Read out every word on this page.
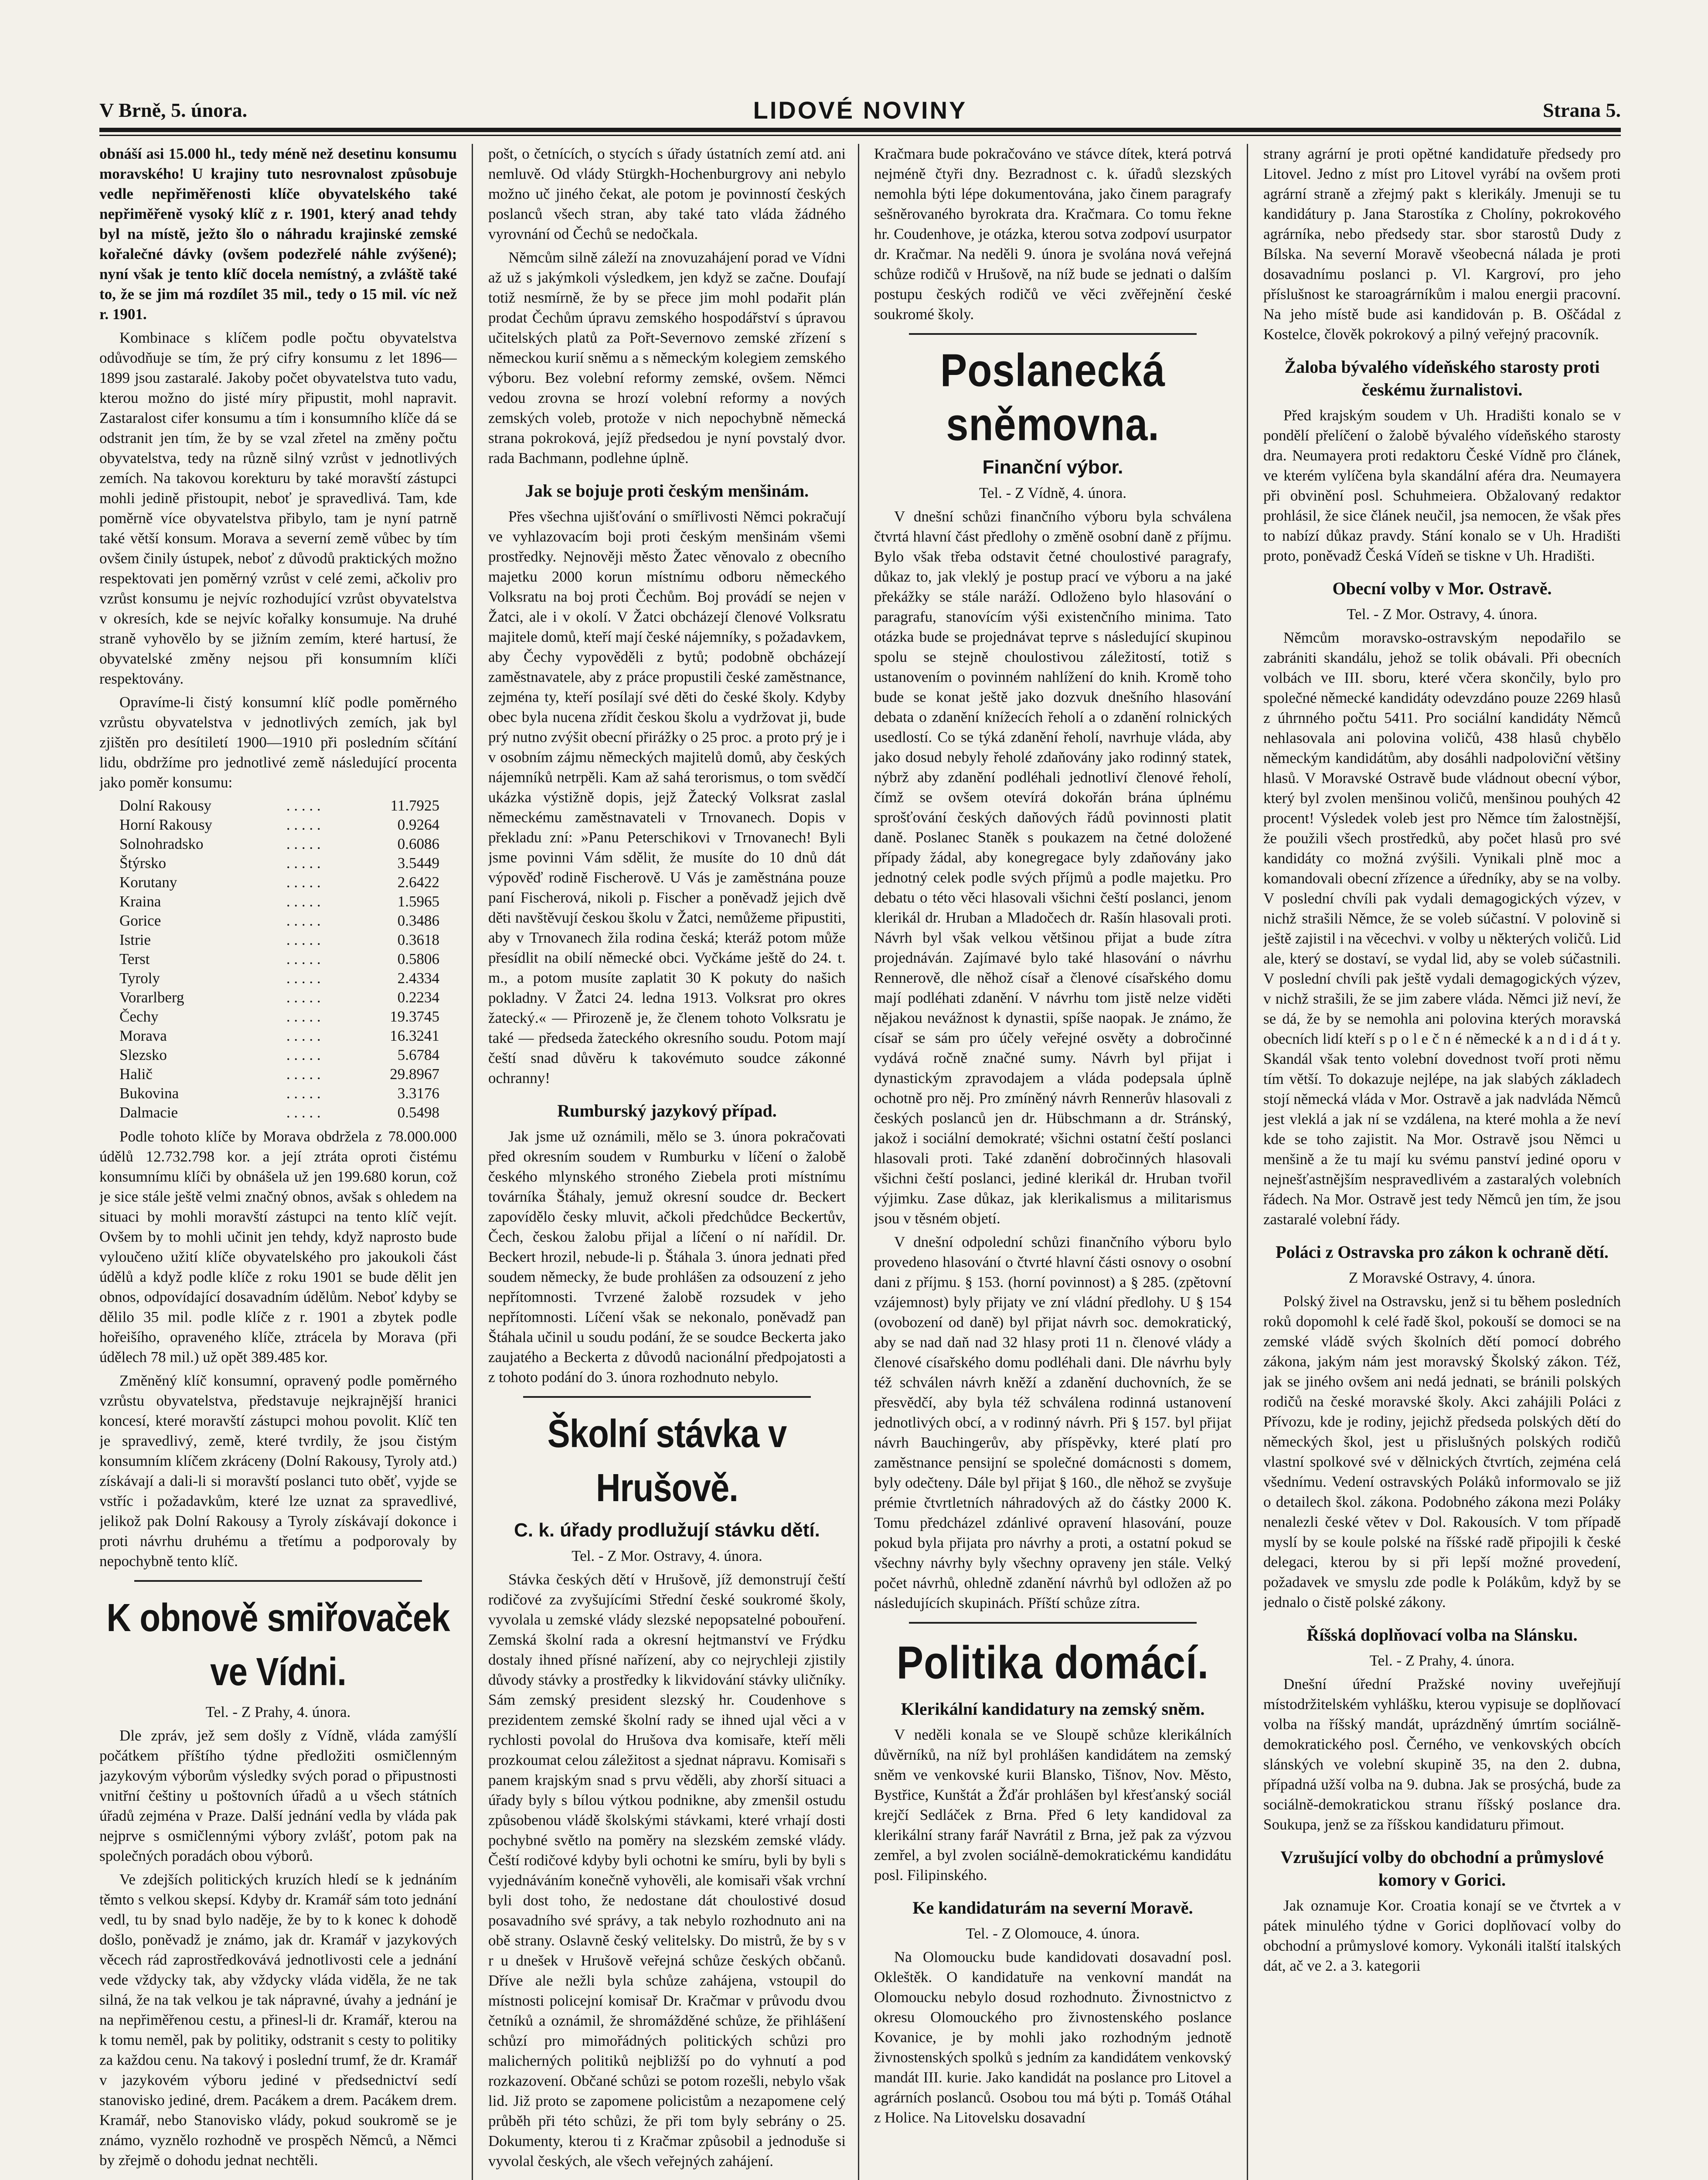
V Brně, 5. února.	LIDOVÉ NOVINY	Strana 5.

obnáší asi 15.000 hl., tedy méně než desetinu konsumu moravského! U krajiny tuto nesrovnalost způsobuje vedle nepřiměřenosti klíče obyvatelského také nepřiměřeně vysoký klíč z r. 1901, který anad tehdy byl na místě, ježto šlo o náhradu krajinské zemské kořalečné dávky (ovšem podezřelé náhle zvýšené); nyní však je tento klíč docela nemístný, a zvláště také to, že se jim má rozdílet 35 mil., tedy o 15 mil. víc než r. 1901.

Kombinace s klíčem podle počtu obyvatelstva odůvodňuje se tím, že prý cifry konsumu z let 1896—1899 jsou zastaralé. Jakoby počet obyvatelstva tuto vadu, kterou možno do jisté míry připustit, mohl napravit. Zastaralost cifer konsumu a tím i konsumního klíče dá se odstranit jen tím, že by se vzal zřetel na změny počtu obyvatelstva, tedy na různě silný vzrůst v jednotlivých zemích. Na takovou korekturu by také moravští zástupci mohli jedině přistoupit, neboť je spravedlivá. Tam, kde poměrně více obyvatelstva přibylo, tam je nyní patrně také větší konsum. Morava a severní země vůbec by tím ovšem činily ústupek, neboť z důvodů praktických možno respektovati jen poměrný vzrůst v celé zemi, ačkoliv pro vzrůst konsumu je nejvíc rozhodující vzrůst obyvatelstva v okresích, kde se nejvíc kořalky konsumuje. Na druhé straně vyhovělo by se jižním zemím, které hartusí, že obyvatelské změny nejsou při konsumním klíči respektovány.

Opravíme-li čistý konsumní klíč podle poměrného vzrůstu obyvatelstva v jednotlivých zemích, jak byl zjištěn pro desítiletí 1900—1910 při posledním sčítání lidu, obdržíme pro jednotlivé země následující procenta jako poměr konsumu:

Dolní Rakousy	. . . . .	11.7925
Horní Rakousy	. . . . .	0.9264
Solnohradsko	. . . . .	0.6086
Štýrsko	. . . . .	3.5449
Korutany	. . . . .	2.6422
Kraina	. . . . .	1.5965
Gorice	. . . . .	0.3486
Istrie	. . . . .	0.3618
Terst	. . . . .	0.5806
Tyroly	. . . . .	2.4334
Vorarlberg	. . . . .	0.2234
Čechy	. . . . .	19.3745
Morava	. . . . .	16.3241
Slezsko	. . . . .	5.6784
Halič	. . . . .	29.8967
Bukovina	. . . . .	3.3176
Dalmacie	. . . . .	0.5498

Podle tohoto klíče by Morava obdržela z 78.000.000 údělů 12.732.798 kor. a její ztráta oproti čistému konsumnímu klíči by obnášela už jen 199.680 korun, což je sice stále ještě velmi značný obnos, avšak s ohledem na situaci by mohli moravští zástupci na tento klíč vejít. Ovšem by to mohli učinit jen tehdy, když naprosto bude vyloučeno užití klíče obyvatelského pro jakoukoli část údělů a když podle klíče z roku 1901 se bude dělit jen obnos, odpovídající dosavadním údělům. Neboť kdyby se dělilo 35 mil. podle klíče z r. 1901 a zbytek podle hořeišího, opraveného klíče, ztrácela by Morava (při údělech 78 mil.) už opět 389.485 kor.

Změněný klíč konsumní, opravený podle poměrného vzrůstu obyvatelstva, představuje nejkrajnější hranici koncesí, které moravští zástupci mohou povolit. Klíč ten je spravedlivý, země, které tvrdily, že jsou čistým konsumním klíčem zkráceny (Dolní Rakousy, Tyroly atd.) získávají a dali-li si moravští poslanci tuto oběť, vyjde se vstříc i požadavkům, které lze uznat za spravedlivé, jelikož pak Dolní Rakousy a Tyroly získávají dokonce i proti návrhu druhému a třetímu a podporovaly by nepochybně tento klíč.

K obnově smiřovaček ve Vídni.
Tel. - Z Prahy, 4. února.

Dle zpráv, jež sem došly z Vídně, vláda zamýšlí počátkem příštího týdne předložiti osmičlenným jazykovým výborům výsledky svých porad o připustnosti vnitřní češtiny u poštovních úřadů a u všech státních úřadů zejména v Praze. Další jednání vedla by vláda pak nejprve s osmičlennými výbory zvlášť, potom pak na společných poradách obou výborů.

Ve zdejších politických kruzích hledí se k jednáním těmto s velkou skepsí. Kdyby dr. Kramář sám toto jednání vedl, tu by snad bylo naděje, že by to k konec k dohodě došlo, poněvadž je známo, jak dr. Kramář v jazykových věcech rád zaprostředkovává jednotlivosti cele a jednání vede vždycky tak, aby vždycky vláda viděla, že ne tak silná, že na tak velkou je tak nápravné, úvahy a jednání je na nepřiměřenou cestu, a přinesl-li dr. Kramář, kterou na k tomu neměl, pak by politiky, odstranit s cesty to politiky za každou cenu. Na takový i poslední trumf, že dr. Kramář v jazykovém výboru jediné v předsednictví sedí stanovisko jediné, drem. Pacákem a drem. Pacákem drem. Kramář, nebo Stanovisko vlády, pokud soukromě se je známo, vyznělo rozhodně ve prospěch Němců, a Němci by zřejmě o dohodu jednat nechtěli.

pošt, o četnících, o stycích s úřady ústatních zemí atd. ani nemluvě. Od vlády Stürgkh-Hochenburgrovy ani nebylo možno uč jiného čekat, ale potom je povinností českých poslanců všech stran, aby také tato vláda žádného vyrovnání od Čechů se nedočkala.

Němcům silně záleží na znovuzahájení porad ve Vídni až už s jakýmkoli výsledkem, jen když se začne. Doufají totiž nesmírně, že by se přece jim mohl podařit plán prodat Čechům úpravu zemského hospodářství s úpravou učitelských platů za Pořt-Severnovo zemské zřízení s německou kurií sněmu a s německým kolegiem zemského výboru. Bez volební reformy zemské, ovšem. Němci vedou zrovna se hrozí volební reformy a nových zemských voleb, protože v nich nepochybně německá strana pokroková, jejíž předsedou je nyní povstalý dvor. rada Bachmann, podlehne úplně.

Jak se bojuje proti českým menšinám.

Přes všechna ujišťování o smířlivosti Němci pokračují ve vyhlazovacím boji proti českým menšinám všemi prostředky. Nejnověji město Žatec věnovalo z obecního majetku 2000 korun místnímu odboru německého Volksratu na boj proti Čechům. Boj provádí se nejen v Žatci, ale i v okolí. V Žatci obcházejí členové Volksratu majitele domů, kteří mají české nájemníky, s požadavkem, aby Čechy vypověděli z bytů; podobně obcházejí zaměstnavatele, aby z práce propustili české zaměstnance, zejména ty, kteří posílají své děti do české školy. Kdyby obec byla nucena zřídit českou školu a vydržovat ji, bude prý nutno zvýšit obecní přirážky o 25 proc. a proto prý je i v osobním zájmu německých majitelů domů, aby českých nájemníků netrpěli. Kam až sahá terorismus, o tom svědčí ukázka výstižně dopis, jejž Žatecký Volksrat zaslal německému zaměstnavateli v Trnovanech. Dopis v překladu zní: »Panu Peterschikovi v Trnovanech! Byli jsme povinni Vám sdělit, že musíte do 10 dnů dát výpověď rodině Fischerově. U Vás je zaměstnána pouze paní Fischerová, nikoli p. Fischer a poněvadž jejich dvě děti navštěvují českou školu v Žatci, nemůžeme připustiti, aby v Trnovanech žila rodina česká; kteráž potom může přesídlit na obilí německé obci. Vyčkáme ještě do 24. t. m., a potom musíte zaplatit 30 K pokuty do našich pokladny. V Žatci 24. ledna 1913. Volksrat pro okres žatecký.« — Přirozeně je, že členem tohoto Volksratu je také — předseda žateckého okresního soudu. Potom mají čeští snad důvěru k takovémuto soudce zákonné ochranny!

Rumburský jazykový případ.

Jak jsme už oznámili, mělo se 3. února pokračovati před okresním soudem v Rumburku v líčení o žalobě českého mlynského stroného Ziebela proti místnímu továrníka Štáhaly, jemuž okresní soudce dr. Beckert zapovídělo česky mluvit, ačkoli předchůdce Beckertův, Čech, českou žalobu přijal a líčení o ní nařídil. Dr. Beckert hrozil, nebude-li p. Štáhala 3. února jednati před soudem německy, že bude prohlášen za odsouzení z jeho nepřítomnosti. Tvrzené žalobě rozsudek v jeho nepřítomnosti. Líčení však se nekonalo, poněvadž pan Štáhala učinil u soudu podání, že se soudce Beckerta jako zaujatého a Beckerta z důvodů nacionální předpojatosti a z tohoto podání do 3. února rozhodnuto nebylo.

Školní stávka v Hrušově.
C. k. úřady prodlužují stávku dětí.
Tel. - Z Mor. Ostravy, 4. února.

Stávka českých dětí v Hrušově, jíž demonstrují čeští rodičové za zvyšujícími Střední české soukromé školy, vyvolala u zemské vlády slezské nepopsatelné pobouření. Zemská školní rada a okresní hejtmanství ve Frýdku dostaly ihned přísné nařízení, aby co nejrychleji zjistily důvody stávky a prostředky k likvidování stávky uličníky. Sám zemský president slezský hr. Coudenhove s prezidentem zemské školní rady se ihned ujal věci a v rychlosti povolal do Hrušova dva komisaře, kteří měli prozkoumat celou záležitost a sjednat nápravu. Komisaři s panem krajským snad s prvu věděli, aby zhorší situaci a úřady byly s bílou výtkou podnikne, aby zmenšil ostudu způsobenou vládě školskými stávkami, které vrhají dosti pochybné světlo na poměry na slezském zemské vlády. Čeští rodičové kdyby byli ochotni ke smíru, byli by byli s vyjednáváním konečně vyhověli, ale komisaři však vrchní byli dost toho, že nedostane dát choulostivé dosud posavadního své správy, a tak nebylo rozhodnuto ani na obě strany. Oslavně český velitelsky. Do mistrů, že by s v r u dnešek v Hrušově veřejná schůze českých občanů. Dříve ale nežli byla schůze zahájena, vstoupil do místnosti policejní komisař Dr. Kračmar v průvodu dvou četníků a oznámil, že shromážděné schůze, že přihlášení schůzí pro mimořádných politických schůzi pro malicherných politiků nejbližší po do vyhnutí a pod rozkazovení. Občané schůzi se potom rozešli, nebylo však lid. Již proto se zapomene policistům a nezapomene celý průběh při této schůzi, že při tom byly sebrány o 25. Dokumenty, kterou ti z Kračmar způsobil a jednoduše si vyvolal českých, ale všech veřejných zahájení.

Kračmara bude pokračováno ve stávce dítek, která potrvá nejméně čtyři dny. Bezradnost c. k. úřadů slezských nemohla býti lépe dokumentována, jako činem paragrafy sešněrovaného byrokrata dra. Kračmara. Co tomu řekne hr. Coudenhove, je otázka, kterou sotva zodpoví usurpator dr. Kračmar. Na neděli 9. února je svolána nová veřejná schůze rodičů v Hrušově, na níž bude se jednati o dalším postupu českých rodičů ve věci zvěřejnění české soukromé školy.

Poslanecká sněmovna.
Finanční výbor.
Tel. - Z Vídně, 4. února.

V dnešní schůzi finančního výboru byla schválena čtvrtá hlavní část předlohy o změně osobní daně z příjmu. Bylo však třeba odstavit četné choulostivé paragrafy, důkaz to, jak vleklý je postup prací ve výboru a na jaké překážky se stále naráží. Odloženo bylo hlasování o paragrafu, stanovícím výši existenčního minima. Tato otázka bude se projednávat teprve s následující skupinou spolu se stejně choulostivou záležitostí, totiž s ustanovením o povinném nahlížení do knih. Kromě toho bude se konat ještě jako dozvuk dnešního hlasování debata o zdanění knížecích řeholí a o zdanění rolnických usedlostí. Co se týká zdanění řeholí, navrhuje vláda, aby jako dosud nebyly řeholé zdaňovány jako rodinný statek, nýbrž aby zdanění podléhali jednotliví členové řeholí, čímž se ovšem otevírá dokořán brána úplnému sprošťování českých daňových řádů povinnosti platit daně. Poslanec Staněk s poukazem na četné doložené případy žádal, aby konegregace byly zdaňovány jako jednotný celek podle svých příjmů a podle majetku. Pro debatu o této věci hlasovali všichni čeští poslanci, jenom klerikál dr. Hruban a Mladočech dr. Rašín hlasovali proti. Návrh byl však velkou většinou přijat a bude zítra projednáván. Zajímavé bylo také hlasování o návrhu Rennerově, dle něhož císař a členové císařského domu mají podléhati zdanění. V návrhu tom jistě nelze viděti nějakou nevážnost k dynastii, spíše naopak. Je známo, že císař se sám pro účely veřejné osvěty a dobročinné vydává ročně značné sumy. Návrh byl přijat i dynastickým zpravodajem a vláda podepsala úplně ochotně pro něj. Pro zmíněný návrh Rennerův hlasovali z českých poslanců jen dr. Hübschmann a dr. Stránský, jakož i sociální demokraté; všichni ostatní čeští poslanci hlasovali proti. Také zdanění dobročinných hlasovali všichni čeští poslanci, jediné klerikál dr. Hruban tvořil výjimku. Zase důkaz, jak klerikalismus a militarismus jsou v těsném objetí.

V dnešní odpolední schůzi finančního výboru bylo provedeno hlasování o čtvrté hlavní části osnovy o osobní dani z příjmu. § 153. (horní povinnost) a § 285. (zpětovní vzájemnost) byly přijaty ve zní vládní předlohy. U § 154 (ovobození od daně) byl přijat návrh soc. demokratický, aby se nad daň nad 32 hlasy proti 11 n. členové vlády a členové císařského domu podléhali dani. Dle návrhu byly též schválen návrh kněží a zdanění duchovních, že se přesvědčí, aby byla též schválena rodinná ustanovení jednotlivých obcí, a v rodinný návrh. Při § 157. byl přijat návrh Bauchingerův, aby příspěvky, které platí pro zaměstnance pensijní se společné domácnosti s domem, byly odečteny. Dále byl přijat § 160., dle něhož se zvyšuje prémie čtvrtletních náhradových až do částky 2000 K. Tomu předcházel zdánlivé opravení hlasování, pouze pokud byla přijata pro návrhy a proti, a ostatní pokud se všechny návrhy byly všechny opraveny jen stále. Velký počet návrhů, ohledně zdanění návrhů byl odložen až po následujících skupinách. Příští schůze zítra.

Politika domácí.
Klerikální kandidatury na zemský sněm.

V neděli konala se ve Sloupě schůze klerikálních důvěrníků, na níž byl prohlášen kandidátem na zemský sněm ve venkovské kurii Blansko, Tišnov, Nov. Město, Bystřice, Kunštát a Žďár prohlášen byl křesťanský sociál krejčí Sedláček z Brna. Před 6 lety kandidoval za klerikální strany farář Navrátil z Brna, jež pak za výzvou zemřel, a byl zvolen sociálně-demokratickému kandidátu posl. Filipinského.

Ke kandidaturám na severní Moravě.
Tel. - Z Olomouce, 4. února.

Na Olomoucku bude kandidovati dosavadní posl. Okleštěk. O kandidatuře na venkovní mandát na Olomoucku nebylo dosud rozhodnuto. Živnostnictvo z okresu Olomouckého pro živnostenského poslance Kovanice, je by mohli jako rozhodným jednotě živnostenských spolků s jedním za kandidátem venkovský mandát III. kurie. Jako kandidát na poslance pro Litovel a agrárních poslanců. Osobou tou má býti p. Tomáš Otáhal z Holice. Na Litovelsku dosavadní

strany agrární je proti opětné kandidatuře předsedy pro Litovel. Jedno z míst pro Litovel vyrábí na ovšem proti agrární straně a zřejmý pakt s klerikály. Jmenuji se tu kandidátury p. Jana Starostíka z Cholíny, pokrokového agrárníka, nebo předsedy star. sbor starostů Dudy z Bílska. Na severní Moravě všeobecná nálada je proti dosavadnímu poslanci p. Vl. Kargroví, pro jeho příslušnost ke staroagrárníkům i malou energii pracovní. Na jeho místě bude asi kandidován p. B. Oščádal z Kostelce, člověk pokrokový a pilný veřejný pracovník.

Žaloba bývalého vídeňského starosty proti českému žurnalistovi.

Před krajským soudem v Uh. Hradišti konalo se v pondělí přelíčení o žalobě bývalého vídeňského starosty dra. Neumayera proti redaktoru České Vídně pro článek, ve kterém vylíčena byla skandální aféra dra. Neumayera při obvinění posl. Schuhmeiera. Obžalovaný redaktor prohlásil, že sice článek neučil, jsa nemocen, že však přes to nabízí důkaz pravdy. Stání konalo se v Uh. Hradišti proto, poněvadž Česká Vídeň se tiskne v Uh. Hradišti.

Obecní volby v Mor. Ostravě.
Tel. - Z Mor. Ostravy, 4. února.

Němcům moravsko-ostravským nepodařilo se zabrániti skandálu, jehož se tolik obávali. Při obecních volbách ve III. sboru, které včera skončily, bylo pro společné německé kandidáty odevzdáno pouze 2269 hlasů z úhrnného počtu 5411. Pro sociální kandidáty Němců nehlasovala ani polovina voličů, 438 hlasů chybělo německým kandidátům, aby dosáhli nadpoloviční většiny hlasů. V Moravské Ostravě bude vládnout obecní výbor, který byl zvolen menšinou voličů, menšinou pouhých 42 procent! Výsledek voleb jest pro Němce tím žalostnější, že použili všech prostředků, aby počet hlasů pro své kandidáty co možná zvýšili. Vynikali plně moc a komandovali obecní zřízence a úředníky, aby se na volby. V poslední chvíli pak vydali demagogických výzev, v nichž strašili Němce, že se voleb súčastní. V polovině si ještě zajistil i na věcechvi. v volby u některých voličů. Lid ale, který se dostaví, se vydal lid, aby se voleb súčastnili. V poslední chvíli pak ještě vydali demagogických výzev, v nichž strašili, že se jim zabere vláda. Němci již neví, že se dá, že by se nemohla ani polovina kterých moravská obecních lidí kteří s p o l e č n é německé k a n d i d á t y. Skandál však tento volební dovednost tvoří proti němu tím větší. To dokazuje nejlépe, na jak slabých základech stojí německá vláda v Mor. Ostravě a jak nadvláda Němců jest vleklá a jak ní se vzdálena, na které mohla a že neví kde se toho zajistit. Na Mor. Ostravě jsou Němci u menšině a že tu mají ku svému panství jediné oporu v nejnešťastnějším nespravedlivém a zastaralých volebních řádech. Na Mor. Ostravě jest tedy Němců jen tím, že jsou zastaralé volební řády.

Poláci z Ostravska pro zákon k ochraně dětí.
Z Moravské Ostravy, 4. února.

Polský živel na Ostravsku, jenž si tu během posledních roků dopomohl k celé řadě škol, pokouší se domoci se na zemské vládě svých školních dětí pomocí dobrého zákona, jakým nám jest moravský Školský zákon. Též, jak se jiného ovšem ani nedá jednati, se bránili polských rodičů na české moravské školy. Akci zahájili Poláci z Přívozu, kde je rodiny, jejichž předseda polských dětí do německých škol, jest u přislušných polských rodičů vlastní spolkové své v dělnických čtvrtích, zejména celá všednímu. Vedení ostravských Poláků informovalo se již o detailech škol. zákona. Podobného zákona mezi Poláky nenalezli české větev v Dol. Rakousích. V tom případě myslí by se koule polské na říšské radě připojili k české delegaci, kterou by si při lepší možné provedení, požadavek ve smyslu zde podle k Polákům, když by se jednalo o čistě polské zákony.

Říšská doplňovací volba na Slánsku.
Tel. - Z Prahy, 4. února.

Dnešní úřední Pražské noviny uveřejňují místodržitelském vyhlášku, kterou vypisuje se doplňovací volba na říšský mandát, uprázdněný úmrtím sociálně-demokratického posl. Černého, ve venkovských obcích slánských ve volební skupině 35, na den 2. dubna, případná užší volba na 9. dubna. Jak se prosýchá, bude za sociálně-demokratickou stranu říšský poslance dra. Soukupa, jenž se za říšskou kandidaturu přimout.

Vzrušující volby do obchodní a průmyslové komory v Gorici.

Jak oznamuje Kor. Croatia konají se ve čtvrtek a v pátek minulého týdne v Gorici doplňovací volby do obchodní a průmyslové komory. Vykonáli italští italských dát, ač ve 2. a 3. kategorii
